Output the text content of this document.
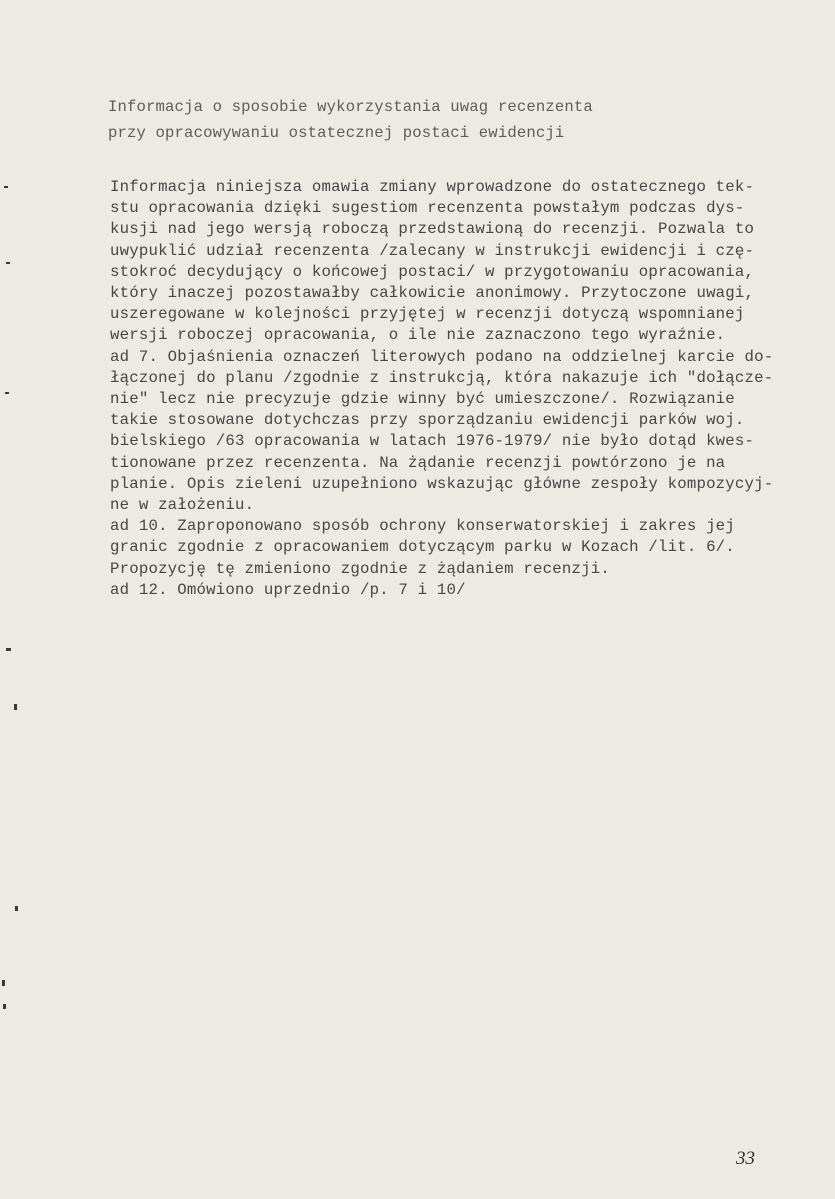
Informacja o sposobie wykorzystania uwag recenzenta
przy opracowywaniu ostatecznej postaci ewidencji
Informacja niniejsza omawia zmiany wprowadzone do ostatecznego tek-
stu opracowania dzięki sugestiom recenzenta powstałym podczas dys-
kusji nad jego wersją roboczą przedstawioną do recenzji. Pozwala to
uwypuklić udział recenzenta /zalecany w instrukcji ewidencji i czę-
stokroć decydujący o końcowej postaci/ w przygotowaniu opracowania,
który inaczej pozostawałby całkowicie anonimowy. Przytoczone uwagi,
uszeregowane w kolejności przyjętej w recenzji dotyczą wspomnianej
wersji roboczej opracowania, o ile nie zaznaczono tego wyraźnie.
ad 7. Objaśnienia oznaczeń literowych podano na oddzielnej karcie do-
łączonej do planu /zgodnie z instrukcją, która nakazuje ich "dołącze-
nie" lecz nie precyzuje gdzie winny być umieszczone/. Rozwiązanie
takie stosowane dotychczas przy sporządzaniu ewidencji parków woj.
bielskiego /63 opracowania w latach 1976-1979/ nie było dotąd kwes-
tionowane przez recenzenta. Na żądanie recenzji powtórzono je na
planie. Opis zieleni uzupełniono wskazując główne zespoły kompozycyj-
ne w założeniu.
ad 10. Zaproponowano sposób ochrony konserwatorskiej i zakres jej
granic zgodnie z opracowaniem dotyczącym parku w Kozach /lit. 6/.
Propozycję tę zmieniono zgodnie z żądaniem recenzji.
ad 12. Omówiono uprzednio /p. 7 i 10/
33
